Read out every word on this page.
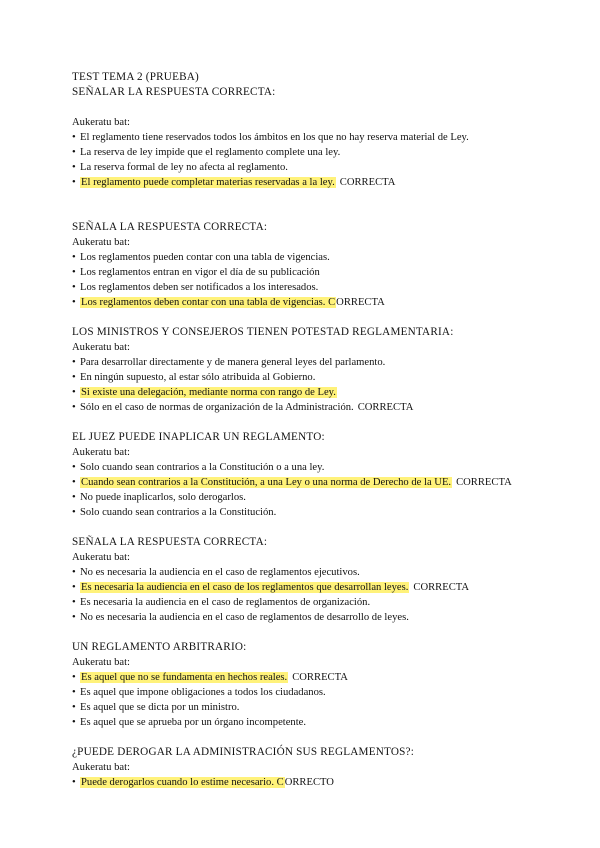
TEST TEMA 2 (PRUEBA)
SEÑALAR LA RESPUESTA CORRECTA:
Aukeratu bat:
• El reglamento tiene reservados todos los ámbitos en los que no hay reserva material de Ley.
• La reserva de ley impide que el reglamento complete una ley.
• La reserva formal de ley no afecta al reglamento.
• El reglamento puede completar materias reservadas a la ley. CORRECTA
SEÑALA LA RESPUESTA CORRECTA:
Aukeratu bat:
• Los reglamentos pueden contar con una tabla de vigencias.
• Los reglamentos entran en vigor el día de su publicación
• Los reglamentos deben ser notificados a los interesados.
• Los reglamentos deben contar con una tabla de vigencias. CORRECTA
LOS MINISTROS Y CONSEJEROS TIENEN POTESTAD REGLAMENTARIA:
Aukeratu bat:
• Para desarrollar directamente y de manera general leyes del parlamento.
• En ningún supuesto, al estar sólo atribuida al Gobierno.
• Si existe una delegación, mediante norma con rango de Ley.
• Sólo en el caso de normas de organización de la Administración. CORRECTA
EL JUEZ PUEDE INAPLICAR UN REGLAMENTO:
Aukeratu bat:
• Solo cuando sean contrarios a la Constitución o a una ley.
• Cuando sean contrarios a la Constitución, a una Ley o una norma de Derecho de la UE. CORRECTA
• No puede inaplicarlos, solo derogarlos.
• Solo cuando sean contrarios a la Constitución.
SEÑALA LA RESPUESTA CORRECTA:
Aukeratu bat:
• No es necesaria la audiencia en el caso de reglamentos ejecutivos.
• Es necesaria la audiencia en el caso de los reglamentos que desarrollan leyes. CORRECTA
• Es necesaria la audiencia en el caso de reglamentos de organización.
• No es necesaria la audiencia en el caso de reglamentos de desarrollo de leyes.
UN REGLAMENTO ARBITRARIO:
Aukeratu bat:
• Es aquel que no se fundamenta en hechos reales. CORRECTA
• Es aquel que impone obligaciones a todos los ciudadanos.
• Es aquel que se dicta por un ministro.
• Es aquel que se aprueba por un órgano incompetente.
¿PUEDE DEROGAR LA ADMINISTRACIÓN SUS REGLAMENTOS?:
Aukeratu bat:
• Puede derogarlos cuando lo estime necesario. CORRECTO
